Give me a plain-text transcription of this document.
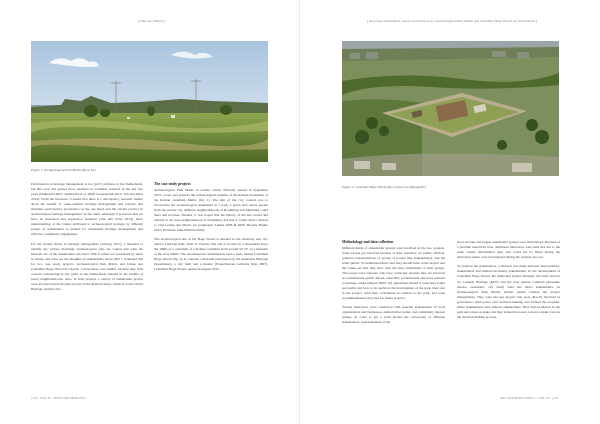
[Other Art History]
Figure 1: Archaeological Park Matilo (Bann M.)

Participation in heritage management is not (yet?) common in the Netherlands, but this topic has gained more attention in academic research in the last few years (Duineveld 2007, Duineveld et al. 2008, Groenendijk 2013, Van den Dries 2014). From the literature, it seems that there is a discrepancy between studies about the benefit of value-oriented heritage management and policies that stimulate participatory governance on the one hand, and the current practice in archaeological heritage management on the other. Although it is known that we have an interested and supportive audience (Van den Dries 2014), more understanding of the values attributed to archaeological heritage by different groups of stakeholders is needed for sustainable heritage management and effective community engagement.

For my master thesis in heritage management (Arnoag 2017), I intended to identify the various meanings archaeological sites are valued and what the interests are of the stakeholders involved. Which values are prioritised by those in charge and what are the thoughts of stakeholders about this? I evaluated this for two case study projects, Archaeological Park Matilo and Limes and Castellum Hoge Woerd in Utrecht. I chose these case studies, because they both concern archaeological site parks in the Netherlands situated in the middle of (new) neighbourhoods. Also, in both projects a variety of stakeholder groups were involved and both sites are part of the Roman Limes, which is on the World Heritage tentative list.

The case study projects

Archaeological Park Matilo in Leiden, which officially opened in September 2013, covers and protects the archaeological remains of the Roman monument of the Roman castellum Matilo (fig. 1). The aim of the city council was to incorporate the archaeological monument in a park, a green area where people from the nearby city different neighbourhoods of Roomburg and Meerburg could meet and recreate. Besides, it was hoped that the history of the site would add identity to the new neighbourhood of Roomburg and that it would attract tourists to visit Leiden and Matilo too (Gemeente Leiden 2008 & 2009; Hoeans Bruinn 2012; Provincie Zuid-Holland 2010).

The archaeological site of De Hoge Woerd is situated in the relatively new city district Leidsche Rijn, West of Utrecht. The site is located as a monument since the 1990s of a castellum of a Roman castellum from around 50 CE on a meander of the river Rhine. The reconstructed castellum has been a park, named Castellum Hoge Woerd (fig. 2). It contains a museum (developed by the municipal Heritage Department), a city farm and a theatre (Projectbureau Leidsche Rijn 2007). Castellum Hoge Woerd opened in August 2015.

p.16 / VOL.31 / ISSUE/SECTION 2017
[ Assessing stakeholders' values and interests for Archaeological Park Matilo and Castellum Hoge Woerd, the Netherlands ]
Figure 2: Castellum Hoge Woerd (Van Cronen Luchtfotografie)
Methodology and data collection

Different kinds of stakeholder groups were involved in the two projects. Some people got involved because of their expertise. As public officials, (cultural representatives of groups of people like stakeholders), and the wider public. To understand their roles they should learn in the project and the values are that they have with the sites, individuals or their groups. The people were relevant, who were contacted, because they are involved in constitutional public debate, especially professionals and need relevant to heritage values (Mason 2002: 16). Questions related to what they found successful and how to be useful in the development of the park, their role in the project, what they contributed in relation to the park, and what recommendations they had for future projects.

Twenty interviews were conducted with selected stakeholders of local organisations and businesses, authoritative bodies, and community interest groups. In order to get a solid picture the viewpoints of different stakeholders, representatives of the

most obvious and largest stakeholder groups were interviewed. Because of a possible selectivity bias, additional interviews were held that led to the same results. Information gaps that could not be filled during the interviews phase were investigated during the analysis process.

To position the stakeholders, a division was made between direct/primary stakeholders and indirect/secondary stakeholders. In the development of Castellum Hoge Woerd, the municipal project manager, the State Service for Cultural Heritage (RCE) and the four partner coalition (museum, theatre, restaurant, city farm) were the direct stakeholders. In Archaeological Park Matilo similar parties formed the project management. They were the key players that were directly involved in governance, held power over decision-making, and formed the program. Other stakeholders were indirect stakeholders. They had an interest in the park and values at stake, but they lacked the power to have a main voice in the decision-making process.

2017 ISSUE/SECTION 2 / VOL.31 / p.19
